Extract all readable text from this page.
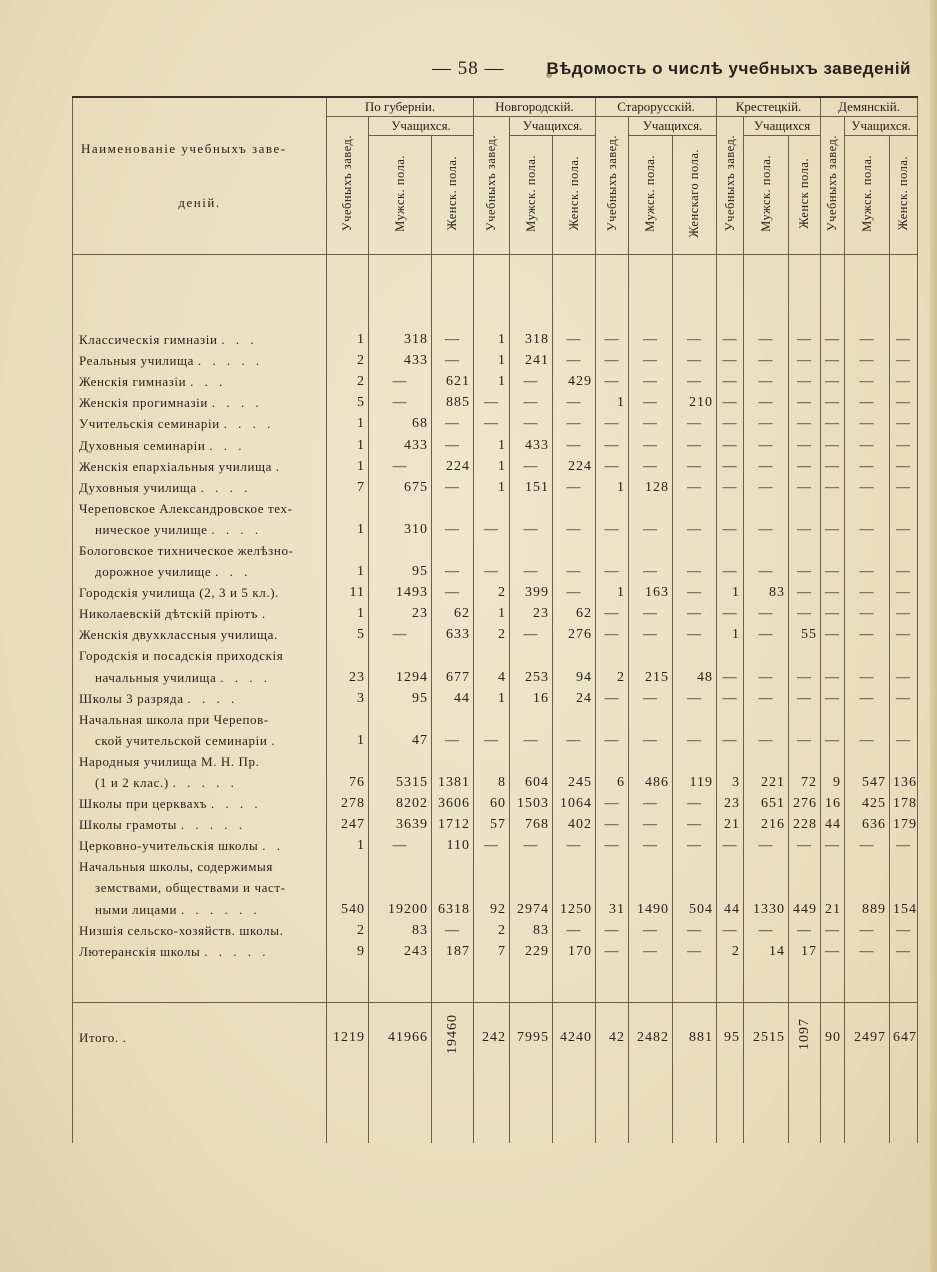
— 58 — Вѣдомость о числѣ учебныхъ заведеній
Наименованіе учебныхъ заве-
деній.	По губерніи.			Новгородскій.			Старорусскій.			Крестецкій.			Демянскій.		
	Учебныхъ завед.	Учащихся.		Учебныхъ завед.	Учащихся.		Учебныхъ завед.	Учащихся.		Учебныхъ завед.	Учащихся		Учебныхъ завед.	Учащихся.	
		Мужск. пола.	Женск. пола.		Мужск. пола.	Женск. пола.		Мужск. пола.	Женскаго пола.		Мужск. пола.	Женск пола.		Мужск. пола.	Женск. пола.

Классическія гимназіи . . .	1	318	—	1	318	—	—	—	—	—	—	—	—	—	—
Реальныя училища . . . . .	2	433	—	1	241	—	—	—	—	—	—	—	—	—	—
Женскія гимназіи . . .	2	—	621	1	—	429	—	—	—	—	—	—	—	—	—
Женскія прогимназіи . . . .	5	—	885	—	—	—	1	—	210	—	—	—	—	—	—
Учительскія семинаріи . . . .	1	68	—	—	—	—	—	—	—	—	—	—	—	—	—
Духовныя семинаріи . . .	1	433	—	1	433	—	—	—	—	—	—	—	—	—	—
Женскія епархіальныя училища .	1	—	224	1	—	224	—	—	—	—	—	—	—	—	—
Духовныя училища . . . .	7	675	—	1	151	—	1	128	—	—	—	—	—	—	—
Череповское Александровское тех-															
ническое училище . . . .	1	310	—	—	—	—	—	—	—	—	—	—	—	—	—
Бологовское тихническое желѣзно-															
дорожное училище . . .	1	95	—	—	—	—	—	—	—	—	—	—	—	—	—
Городскія училища (2, 3 и 5 кл.).	11	1493	—	2	399	—	1	163	—	1	83	—	—	—	—
Николаевскій дѣтскій пріютъ .	1	23	62	1	23	62	—	—	—	—	—	—	—	—	—
Женскія двухклассныя училища.	5	—	633	2	—	276	—	—	—	1	—	55	—	—	—
Городскія и посадскія приходскія															
начальныя училища . . . .	23	1294	677	4	253	94	2	215	48	—	—	—	—	—	—
Школы 3 разряда . . . .	3	95	44	1	16	24	—	—	—	—	—	—	—	—	—
Начальная школа при Черепов-															
ской учительской семинаріи .	1	47	—	—	—	—	—	—	—	—	—	—	—	—	—
Народныя училища М. Н. Пр.															
(1 и 2 клас.) . . . . .	76	5315	1381	8	604	245	6	486	119	3	221	72	9	547	136
Школы при церквахъ . . . .	278	8202	3606	60	1503	1064	—	—	—	23	651	276	16	425	178
Школы грамоты . . . . .	247	3639	1712	57	768	402	—	—	—	21	216	228	44	636	179
Церковно-учительскія школы . .	1	—	110	—	—	—	—	—	—	—	—	—	—	—	—
Начальныя школы, содержимыя															
земствами, обществами и част-															
ными лицами . . . . . .	540	19200	6318	92	2974	1250	31	1490	504	44	1330	449	21	889	154
Низшія сельско-хозяйств. школы.	2	83	—	2	83	—	—	—	—	—	—	—	—	—	—
Лютеранскія школы . . . . .	9	243	187	7	229	170	—	—	—	2	14	17	—	—	—

Итого. .	1219	41966	19460	242	7995	4240	42	2482	881	95	2515	1097	90	2497	647
